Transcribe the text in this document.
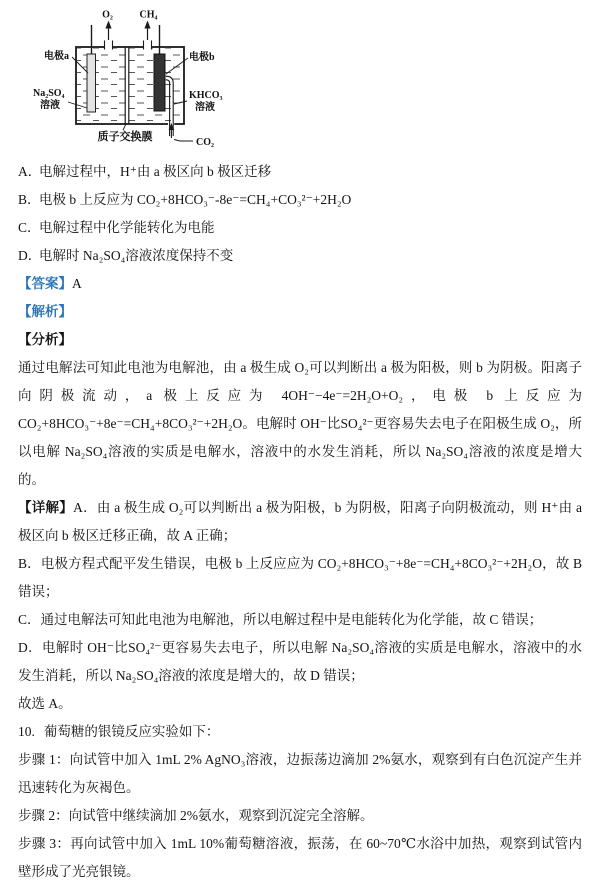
O₂	CH₄
电极a	电极b
Na₂SO₄
溶液
KHCO₃
溶液
质子交换膜	CO₂

A．电解过程中，H⁺由 a 极区向 b 极区迁移

B．电极 b 上反应为 CO₂+8HCO₃⁻-8e⁻=CH₄+CO₃²⁻+2H₂O

C．电解过程中化学能转化为电能

D．电解时 Na₂SO₄溶液浓度保持不变

【答案】A

【解析】

【分析】

通过电解法可知此电池为电解池，由 a 极生成 O₂可以判断出 a 极为阳极，则 b 为阴极。阳离子向阴极流动，a 极上反应为 4OH⁻−4e⁻=2H₂O+O₂，电极 b 上反应为 CO₂+8HCO₃⁻+8e⁻=CH₄+8CO₃²⁻+2H₂O。电解时 OH⁻比SO₄²⁻更容易失去电子在阳极生成 O₂，所以电解 Na₂SO₄溶液的实质是电解水，溶液中的水发生消耗，所以 Na₂SO₄溶液的浓度是增大的。

【详解】A．由 a 极生成 O₂可以判断出 a 极为阳极，b 为阴极，阳离子向阴极流动，则 H⁺由 a 极区向 b 极区迁移正确，故 A 正确；

B．电极方程式配平发生错误，电极 b 上反应应为 CO₂+8HCO₃⁻+8e⁻=CH₄+8CO₃²⁻+2H₂O，故 B 错误；

C．通过电解法可知此电池为电解池，所以电解过程中是电能转化为化学能，故 C 错误；

D．电解时 OH⁻比SO₄²⁻更容易失去电子，所以电解 Na₂SO₄溶液的实质是电解水，溶液中的水发生消耗，所以 Na₂SO₄溶液的浓度是增大的，故 D 错误；

故选 A。

10. 葡萄糖的银镜反应实验如下：

步骤 1：向试管中加入 1mL 2% AgNO₃溶液，边振荡边滴加 2%氨水，观察到有白色沉淀产生并迅速转化为灰褐色。

步骤 2：向试管中继续滴加 2%氨水，观察到沉淀完全溶解。

步骤 3：再向试管中加入 1mL 10%葡萄糖溶液，振荡，在 60~70℃水浴中加热，观察到试管内壁形成了光亮银镜。
